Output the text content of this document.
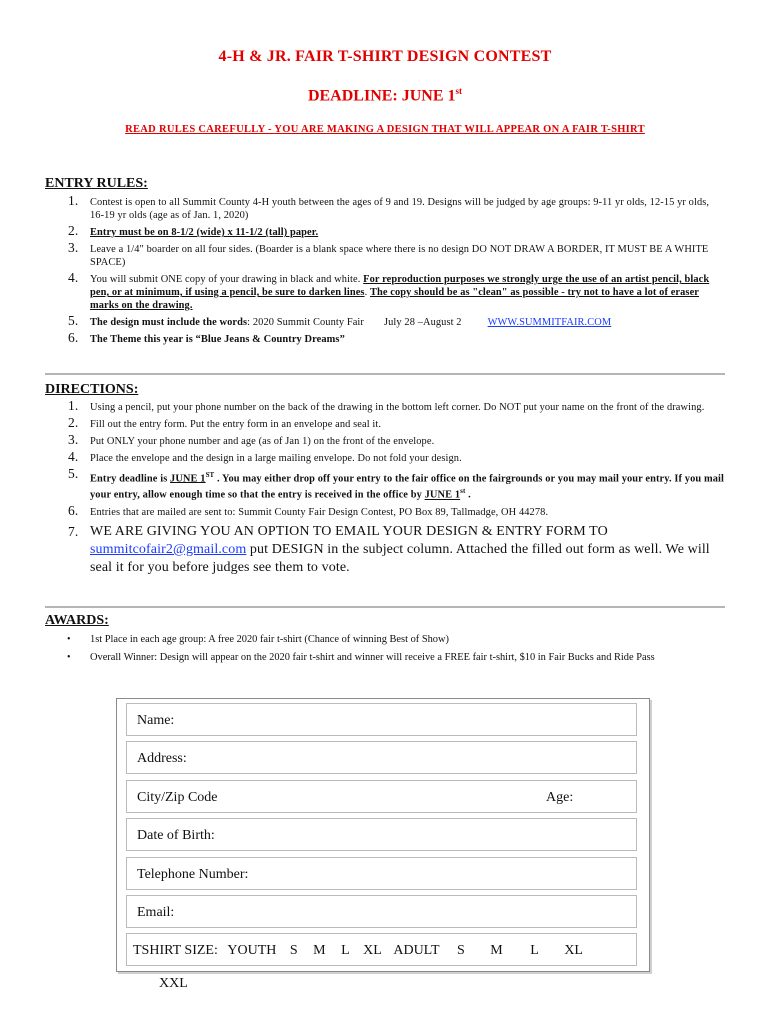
4-H & JR. FAIR T-SHIRT DESIGN CONTEST
DEADLINE: JUNE 1st
READ RULES CAREFULLY - YOU ARE MAKING A DESIGN THAT WILL APPEAR ON A FAIR T-SHIRT

ENTRY RULES:

1. Contest is open to all Summit County 4-H youth between the ages of 9 and 19. Designs will be judged by age groups: 9-11 yr olds, 12-15 yr olds, 16-19 yr olds (age as of Jan. 1, 2020)
2. Entry must be on 8-1/2 (wide) x 11-1/2 (tall) paper.
3. Leave a 1/4" boarder on all four sides. (Boarder is a blank space where there is no design DO NOT DRAW A BORDER, IT MUST BE A WHITE SPACE)
4. You will submit ONE copy of your drawing in black and white. For reproduction purposes we strongly urge the use of an artist pencil, black pen, or at minimum, if using a pencil, be sure to darken lines. The copy should be as "clean" as possible - try not to have a lot of eraser marks on the drawing.
5. The design must include the words: 2020 Summit County Fair July 28 –August 2	WWW.SUMMITFAIR.COM
6. The Theme this year is “Blue Jeans & Country Dreams”

DIRECTIONS:

1. Using a pencil, put your phone number on the back of the drawing in the bottom left corner. Do NOT put your name on the front of the drawing.
2. Fill out the entry form. Put the entry form in an envelope and seal it.
3. Put ONLY your phone number and age (as of Jan 1) on the front of the envelope.
4. Place the envelope and the design in a large mailing envelope. Do not fold your design.
5. Entry deadline is JUNE 1ST . You may either drop off your entry to the fair office on the fairgrounds or you may mail your entry. If you mail your entry, allow enough time so that the entry is received in the office by JUNE 1st .
6. Entries that are mailed are sent to: Summit County Fair Design Contest, PO Box 89, Tallmadge, OH 44278.
7. WE ARE GIVING YOU AN OPTION TO EMAIL YOUR DESIGN & ENTRY FORM TO summitcofair2@gmail.com put DESIGN in the subject column. Attached the filled out form as well. We will seal it for you before judges see them to vote.

AWARDS:

• 1st Place in each age group: A free 2020 fair t-shirt (Chance of winning Best of Show)
• Overall Winner: Design will appear on the 2020 fair t-shirt and winner will receive a FREE fair t-shirt, $10 in Fair Bucks and Ride Pass
Name:
Address:
City/Zip Code	Age:
Date of Birth:
Telephone Number:
Email:
TSHIRT SIZE: YOUTH S M L XL ADULT S M L XL XXL
